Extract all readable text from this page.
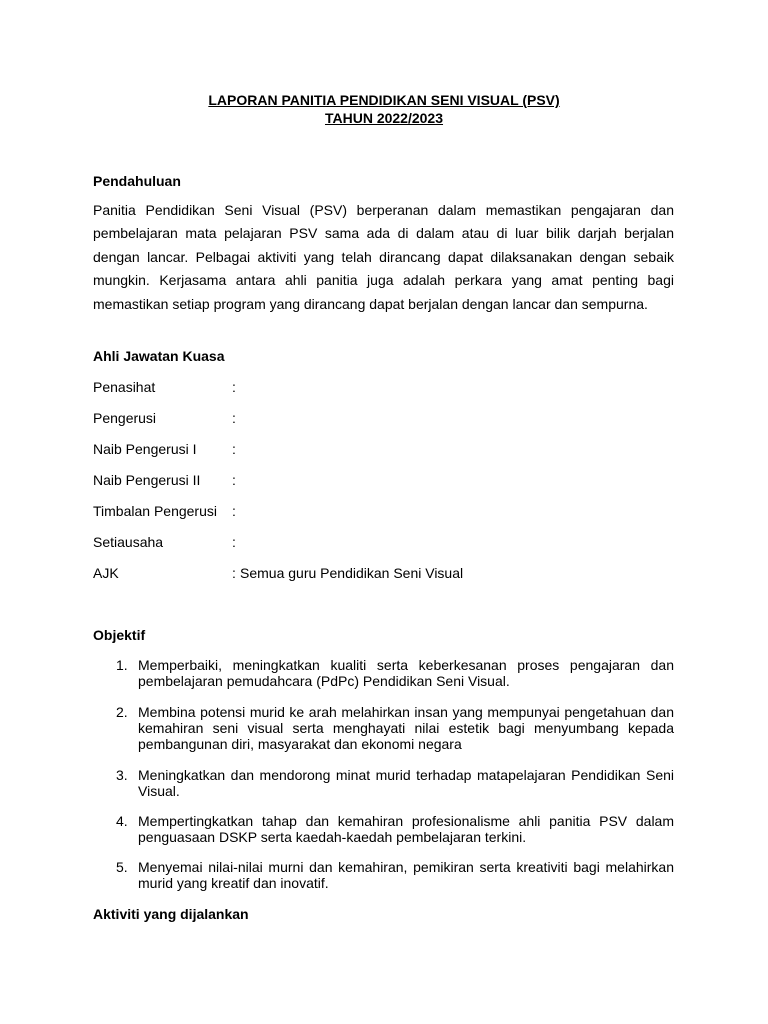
LAPORAN PANITIA PENDIDIKAN SENI VISUAL (PSV)
TAHUN 2022/2023
Pendahuluan

Panitia Pendidikan Seni Visual (PSV) berperanan dalam memastikan pengajaran dan pembelajaran mata pelajaran PSV sama ada di dalam atau di luar bilik darjah berjalan dengan lancar. Pelbagai aktiviti yang telah dirancang dapat dilaksanakan dengan sebaik mungkin. Kerjasama antara ahli panitia juga adalah perkara yang amat penting bagi memastikan setiap program yang dirancang dapat berjalan dengan lancar dan sempurna.

Ahli Jawatan Kuasa
Penasihat	:
Pengerusi	:
Naib Pengerusi I	:
Naib Pengerusi II :
Timbalan Pengerusi :
Setiausaha	:
AJK	: Semua guru Pendidikan Seni Visual
Objektif
1. Memperbaiki, meningkatkan kualiti serta keberkesanan proses pengajaran dan pembelajaran pemudahcara (PdPc) Pendidikan Seni Visual.
2. Membina potensi murid ke arah melahirkan insan yang mempunyai pengetahuan dan kemahiran seni visual serta menghayati nilai estetik bagi menyumbang kepada pembangunan diri, masyarakat dan ekonomi negara
3. Meningkatkan dan mendorong minat murid terhadap matapelajaran Pendidikan Seni Visual.
4. Mempertingkatkan tahap dan kemahiran profesionalisme ahli panitia PSV dalam penguasaan DSKP serta kaedah-kaedah pembelajaran terkini.
5. Menyemai nilai-nilai murni dan kemahiran, pemikiran serta kreativiti bagi melahirkan murid yang kreatif dan inovatif.
Aktiviti yang dijalankan
